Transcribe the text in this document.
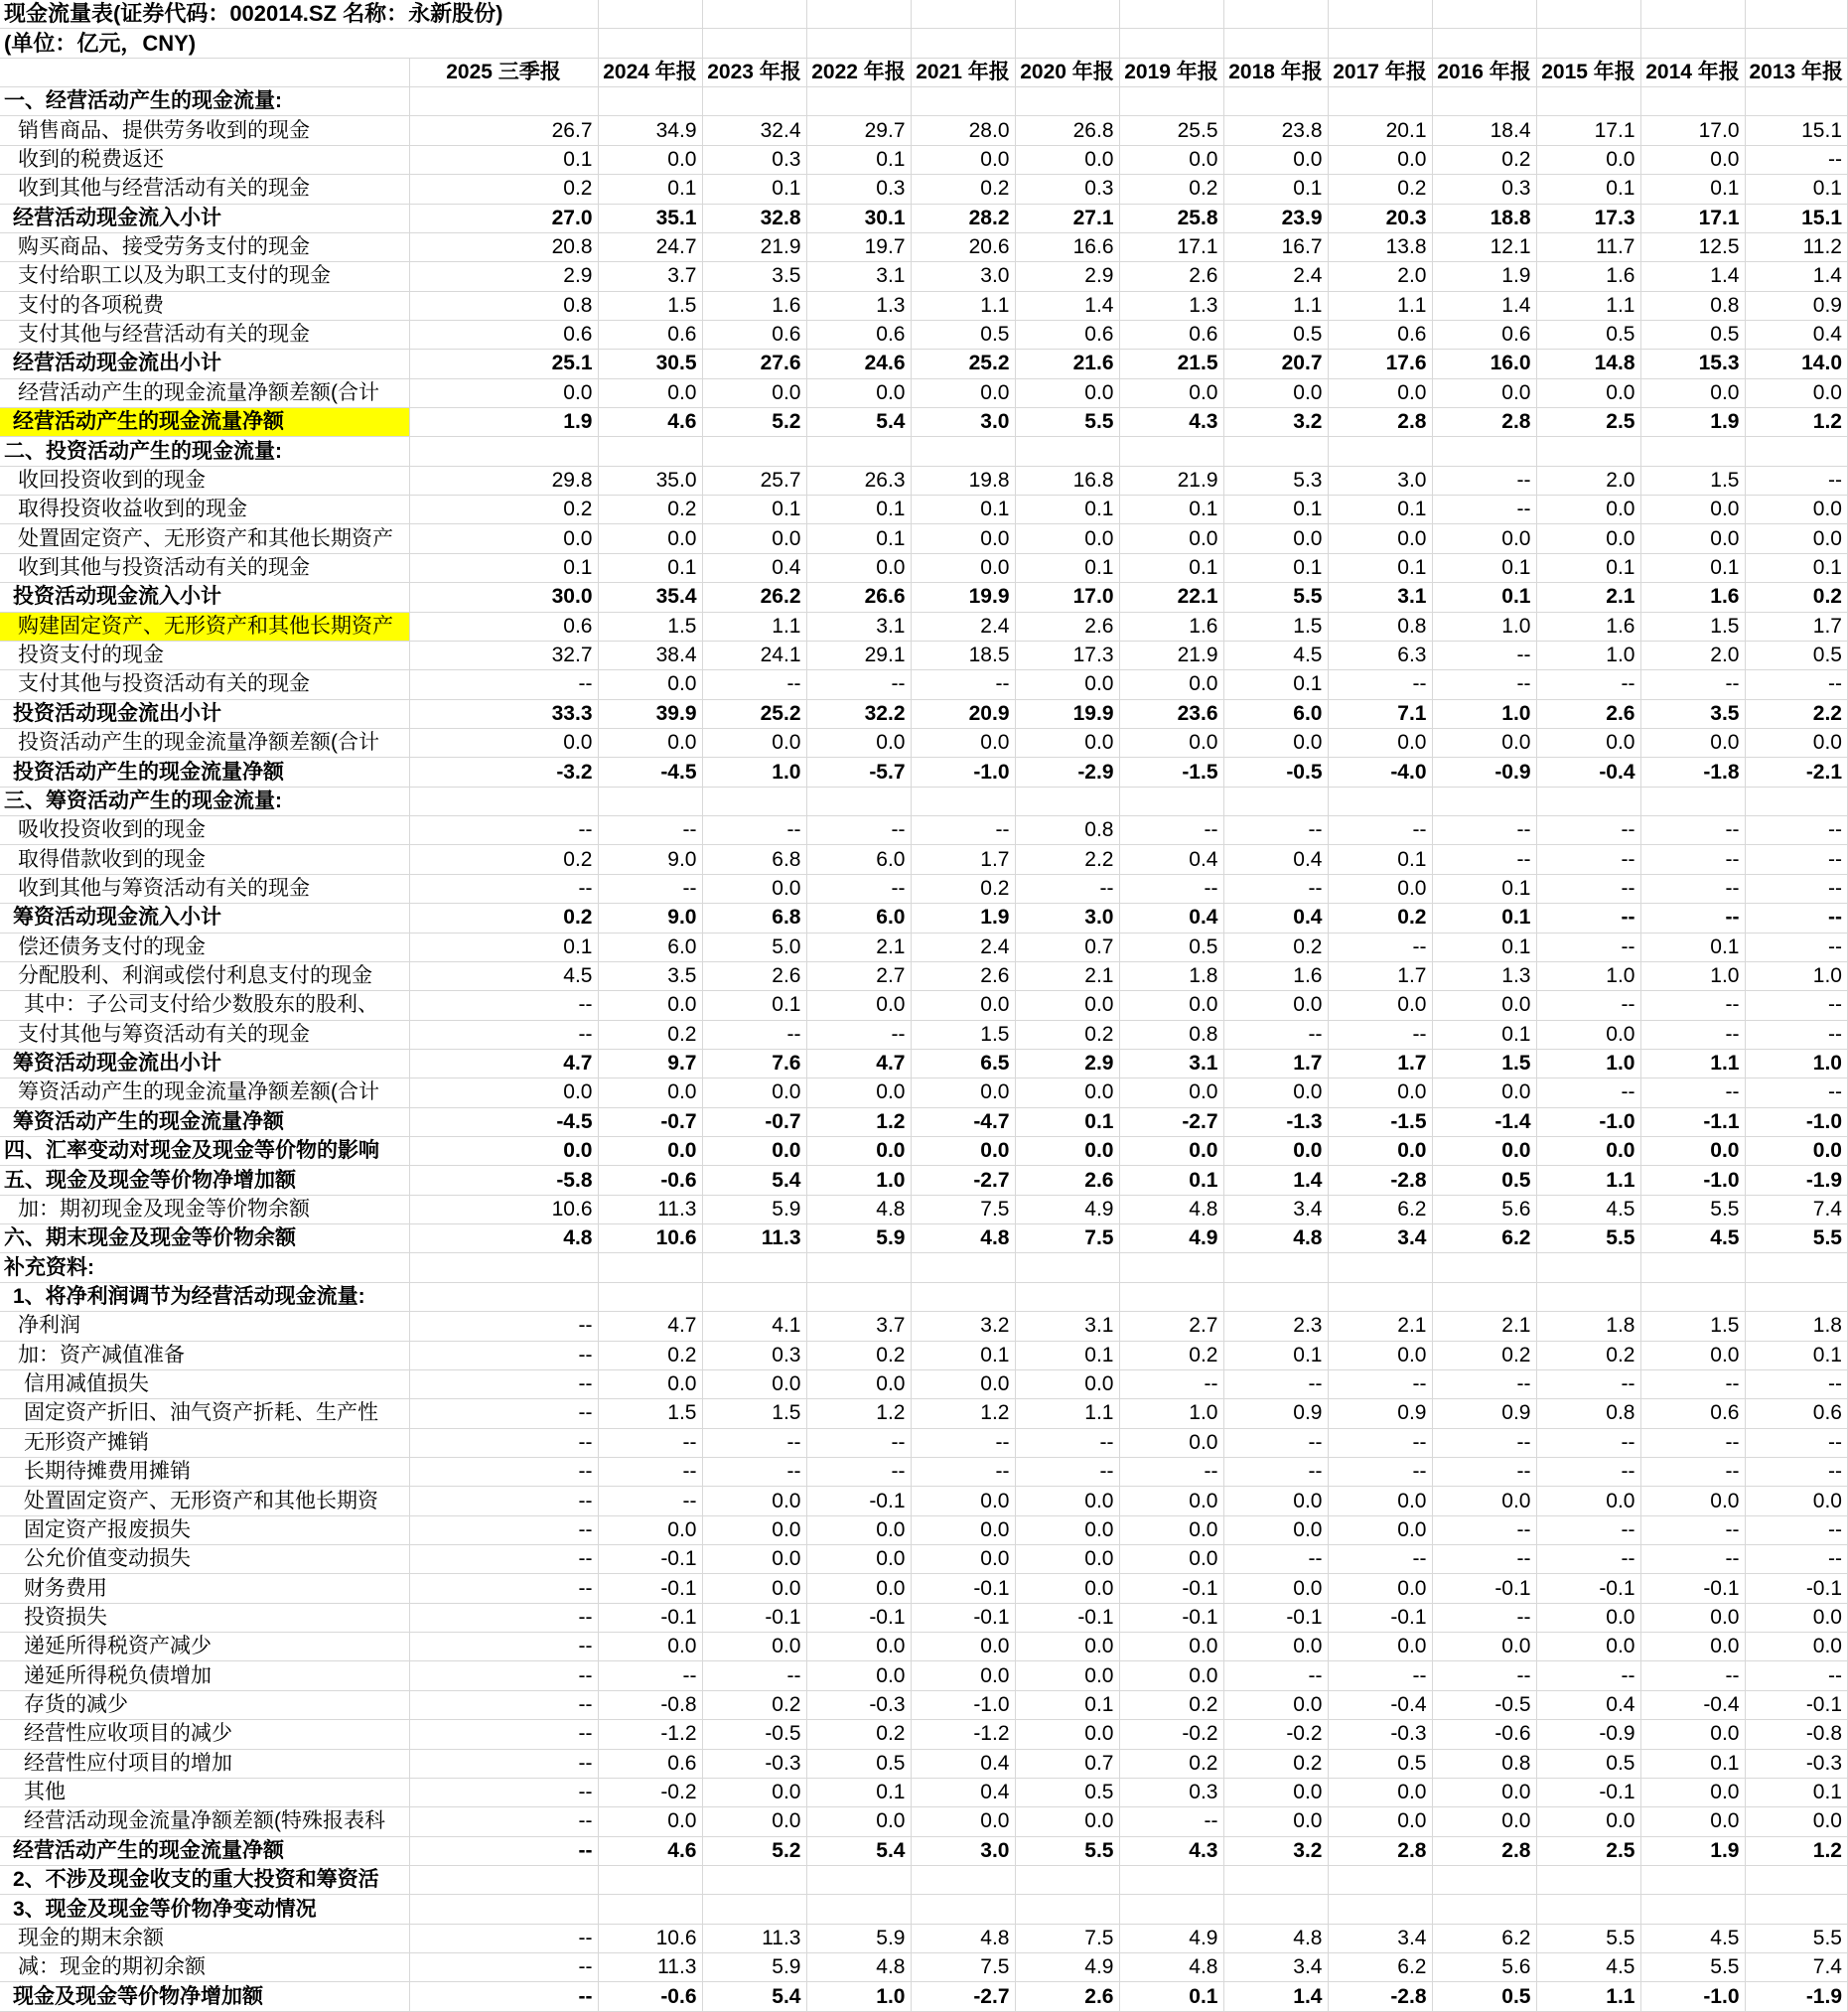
现金流量表(证券代码：002014.SZ 名称：永新股份)													
(单位：亿元，CNY)													
	2025 三季报	2024 年报	2023 年报	2022 年报	2021 年报	2020 年报	2019 年报	2018 年报	2017 年报	2016 年报	2015 年报	2014 年报	2013 年报
一、经营活动产生的现金流量:													
销售商品、提供劳务收到的现金	26.7	34.9	32.4	29.7	28.0	26.8	25.5	23.8	20.1	18.4	17.1	17.0	15.1
收到的税费返还	0.1	0.0	0.3	0.1	0.0	0.0	0.0	0.0	0.0	0.2	0.0	0.0	--
收到其他与经营活动有关的现金	0.2	0.1	0.1	0.3	0.2	0.3	0.2	0.1	0.2	0.3	0.1	0.1	0.1
经营活动现金流入小计	27.0	35.1	32.8	30.1	28.2	27.1	25.8	23.9	20.3	18.8	17.3	17.1	15.1
购买商品、接受劳务支付的现金	20.8	24.7	21.9	19.7	20.6	16.6	17.1	16.7	13.8	12.1	11.7	12.5	11.2
支付给职工以及为职工支付的现金	2.9	3.7	3.5	3.1	3.0	2.9	2.6	2.4	2.0	1.9	1.6	1.4	1.4
支付的各项税费	0.8	1.5	1.6	1.3	1.1	1.4	1.3	1.1	1.1	1.4	1.1	0.8	0.9
支付其他与经营活动有关的现金	0.6	0.6	0.6	0.6	0.5	0.6	0.6	0.5	0.6	0.6	0.5	0.5	0.4
经营活动现金流出小计	25.1	30.5	27.6	24.6	25.2	21.6	21.5	20.7	17.6	16.0	14.8	15.3	14.0
经营活动产生的现金流量净额差额(合计	0.0	0.0	0.0	0.0	0.0	0.0	0.0	0.0	0.0	0.0	0.0	0.0	0.0
经营活动产生的现金流量净额	1.9	4.6	5.2	5.4	3.0	5.5	4.3	3.2	2.8	2.8	2.5	1.9	1.2
二、投资活动产生的现金流量:													
收回投资收到的现金	29.8	35.0	25.7	26.3	19.8	16.8	21.9	5.3	3.0	--	2.0	1.5	--
取得投资收益收到的现金	0.2	0.2	0.1	0.1	0.1	0.1	0.1	0.1	0.1	--	0.0	0.0	0.0
处置固定资产、无形资产和其他长期资产	0.0	0.0	0.0	0.1	0.0	0.0	0.0	0.0	0.0	0.0	0.0	0.0	0.0
收到其他与投资活动有关的现金	0.1	0.1	0.4	0.0	0.0	0.1	0.1	0.1	0.1	0.1	0.1	0.1	0.1
投资活动现金流入小计	30.0	35.4	26.2	26.6	19.9	17.0	22.1	5.5	3.1	0.1	2.1	1.6	0.2
购建固定资产、无形资产和其他长期资产	0.6	1.5	1.1	3.1	2.4	2.6	1.6	1.5	0.8	1.0	1.6	1.5	1.7
投资支付的现金	32.7	38.4	24.1	29.1	18.5	17.3	21.9	4.5	6.3	--	1.0	2.0	0.5
支付其他与投资活动有关的现金	--	0.0	--	--	--	0.0	0.0	0.1	--	--	--	--	--
投资活动现金流出小计	33.3	39.9	25.2	32.2	20.9	19.9	23.6	6.0	7.1	1.0	2.6	3.5	2.2
投资活动产生的现金流量净额差额(合计	0.0	0.0	0.0	0.0	0.0	0.0	0.0	0.0	0.0	0.0	0.0	0.0	0.0
投资活动产生的现金流量净额	-3.2	-4.5	1.0	-5.7	-1.0	-2.9	-1.5	-0.5	-4.0	-0.9	-0.4	-1.8	-2.1
三、筹资活动产生的现金流量:													
吸收投资收到的现金	--	--	--	--	--	0.8	--	--	--	--	--	--	--
取得借款收到的现金	0.2	9.0	6.8	6.0	1.7	2.2	0.4	0.4	0.1	--	--	--	--
收到其他与筹资活动有关的现金	--	--	0.0	--	0.2	--	--	--	0.0	0.1	--	--	--
筹资活动现金流入小计	0.2	9.0	6.8	6.0	1.9	3.0	0.4	0.4	0.2	0.1	--	--	--
偿还债务支付的现金	0.1	6.0	5.0	2.1	2.4	0.7	0.5	0.2	--	0.1	--	0.1	--
分配股利、利润或偿付利息支付的现金	4.5	3.5	2.6	2.7	2.6	2.1	1.8	1.6	1.7	1.3	1.0	1.0	1.0
其中：子公司支付给少数股东的股利、	--	0.0	0.1	0.0	0.0	0.0	0.0	0.0	0.0	0.0	--	--	--
支付其他与筹资活动有关的现金	--	0.2	--	--	1.5	0.2	0.8	--	--	0.1	0.0	--	--
筹资活动现金流出小计	4.7	9.7	7.6	4.7	6.5	2.9	3.1	1.7	1.7	1.5	1.0	1.1	1.0
筹资活动产生的现金流量净额差额(合计	0.0	0.0	0.0	0.0	0.0	0.0	0.0	0.0	0.0	0.0	--	--	--
筹资活动产生的现金流量净额	-4.5	-0.7	-0.7	1.2	-4.7	0.1	-2.7	-1.3	-1.5	-1.4	-1.0	-1.1	-1.0
四、汇率变动对现金及现金等价物的影响	0.0	0.0	0.0	0.0	0.0	0.0	0.0	0.0	0.0	0.0	0.0	0.0	0.0
五、现金及现金等价物净增加额	-5.8	-0.6	5.4	1.0	-2.7	2.6	0.1	1.4	-2.8	0.5	1.1	-1.0	-1.9
加：期初现金及现金等价物余额	10.6	11.3	5.9	4.8	7.5	4.9	4.8	3.4	6.2	5.6	4.5	5.5	7.4
六、期末现金及现金等价物余额	4.8	10.6	11.3	5.9	4.8	7.5	4.9	4.8	3.4	6.2	5.5	4.5	5.5
补充资料:													
1、将净利润调节为经营活动现金流量:													
净利润	--	4.7	4.1	3.7	3.2	3.1	2.7	2.3	2.1	2.1	1.8	1.5	1.8
加：资产减值准备	--	0.2	0.3	0.2	0.1	0.1	0.2	0.1	0.0	0.2	0.2	0.0	0.1
信用减值损失	--	0.0	0.0	0.0	0.0	0.0	--	--	--	--	--	--	--
固定资产折旧、油气资产折耗、生产性	--	1.5	1.5	1.2	1.2	1.1	1.0	0.9	0.9	0.9	0.8	0.6	0.6
无形资产摊销	--	--	--	--	--	--	0.0	--	--	--	--	--	--
长期待摊费用摊销	--	--	--	--	--	--	--	--	--	--	--	--	--
处置固定资产、无形资产和其他长期资	--	--	0.0	-0.1	0.0	0.0	0.0	0.0	0.0	0.0	0.0	0.0	0.0
固定资产报废损失	--	0.0	0.0	0.0	0.0	0.0	0.0	0.0	0.0	--	--	--	--
公允价值变动损失	--	-0.1	0.0	0.0	0.0	0.0	0.0	--	--	--	--	--	--
财务费用	--	-0.1	0.0	0.0	-0.1	0.0	-0.1	0.0	0.0	-0.1	-0.1	-0.1	-0.1
投资损失	--	-0.1	-0.1	-0.1	-0.1	-0.1	-0.1	-0.1	-0.1	--	0.0	0.0	0.0
递延所得税资产减少	--	0.0	0.0	0.0	0.0	0.0	0.0	0.0	0.0	0.0	0.0	0.0	0.0
递延所得税负债增加	--	--	--	0.0	0.0	0.0	0.0	--	--	--	--	--	--
存货的减少	--	-0.8	0.2	-0.3	-1.0	0.1	0.2	0.0	-0.4	-0.5	0.4	-0.4	-0.1
经营性应收项目的减少	--	-1.2	-0.5	0.2	-1.2	0.0	-0.2	-0.2	-0.3	-0.6	-0.9	0.0	-0.8
经营性应付项目的增加	--	0.6	-0.3	0.5	0.4	0.7	0.2	0.2	0.5	0.8	0.5	0.1	-0.3
其他	--	-0.2	0.0	0.1	0.4	0.5	0.3	0.0	0.0	0.0	-0.1	0.0	0.1
经营活动现金流量净额差额(特殊报表科	--	0.0	0.0	0.0	0.0	0.0	--	0.0	0.0	0.0	0.0	0.0	0.0
经营活动产生的现金流量净额	--	4.6	5.2	5.4	3.0	5.5	4.3	3.2	2.8	2.8	2.5	1.9	1.2
2、不涉及现金收支的重大投资和筹资活													
3、现金及现金等价物净变动情况													
现金的期末余额	--	10.6	11.3	5.9	4.8	7.5	4.9	4.8	3.4	6.2	5.5	4.5	5.5
减：现金的期初余额	--	11.3	5.9	4.8	7.5	4.9	4.8	3.4	6.2	5.6	4.5	5.5	7.4
现金及现金等价物净增加额	--	-0.6	5.4	1.0	-2.7	2.6	0.1	1.4	-2.8	0.5	1.1	-1.0	-1.9
